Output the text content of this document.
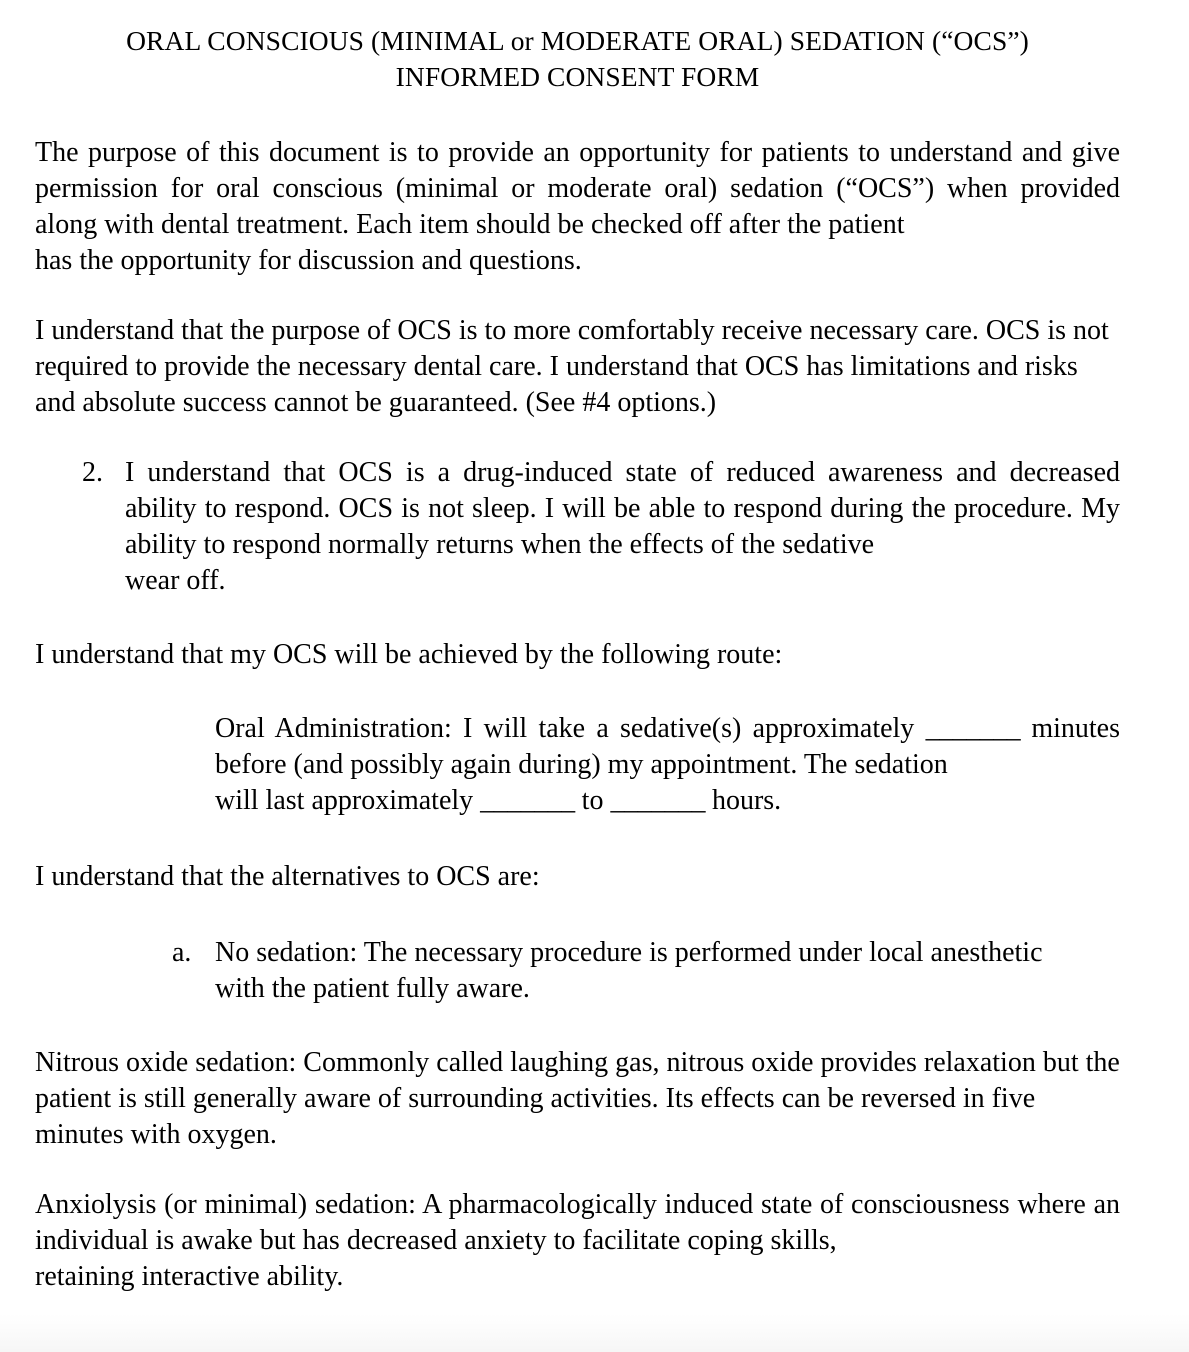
ORAL CONSCIOUS (MINIMAL or MODERATE ORAL) SEDATION (“OCS”)
INFORMED CONSENT FORM
The purpose of this document is to provide an opportunity for patients to understand and give permission for oral conscious (minimal or moderate oral) sedation (“OCS”) when provided along with dental treatment. Each item should be checked off after the patient
has the opportunity for discussion and questions.
I understand that the purpose of OCS is to more comfortably receive necessary care. OCS is not required to provide the necessary dental care. I understand that OCS has limitations and risks and absolute success cannot be guaranteed. (See #4 options.)
2. I understand that OCS is a drug-induced state of reduced awareness and decreased ability to respond. OCS is not sleep. I will be able to respond during the procedure. My ability to respond normally returns when the effects of the sedative
wear off.
I understand that my OCS will be achieved by the following route:
Oral Administration: I will take a sedative(s) approximately _______ minutes before (and possibly again during) my appointment. The sedation
will last approximately _______ to _______ hours.
I understand that the alternatives to OCS are:
a. No sedation: The necessary procedure is performed under local anesthetic
with the patient fully aware.
Nitrous oxide sedation: Commonly called laughing gas, nitrous oxide provides relaxation but the patient is still generally aware of surrounding activities. Its effects can be reversed in five minutes with oxygen.
Anxiolysis (or minimal) sedation: A pharmacologically induced state of consciousness where an individual is awake but has decreased anxiety to facilitate coping skills,
retaining interactive ability.
